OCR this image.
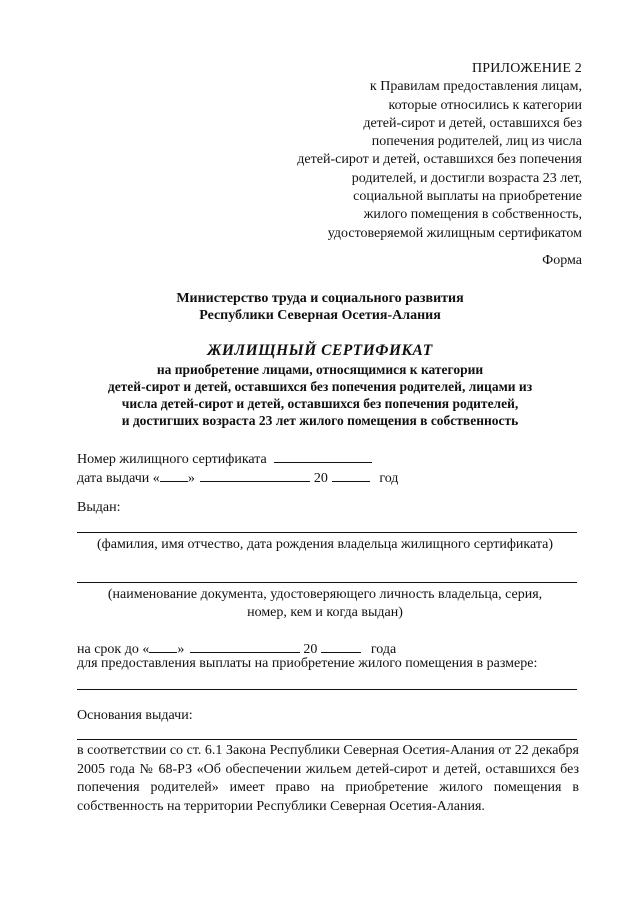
ПРИЛОЖЕНИЕ 2
к Правилам предоставления лицам,
которые относились к категории
детей-сирот и детей, оставшихся без
попечения родителей, лиц из числа
детей-сирот и детей, оставшихся без попечения
родителей, и достигли возраста 23 лет,
социальной выплаты на приобретение
жилого помещения в собственность,
удостоверяемой жилищным сертификатом
Форма
Министерство труда и социального развития
Республики Северная Осетия-Алания
ЖИЛИЩНЫЙ СЕРТИФИКАТ
на приобретение лицами, относящимися к категории
детей-сирот и детей, оставшихся без попечения родителей, лицами из
числа детей-сирот и детей, оставшихся без попечения родителей,
и достигших возраста 23 лет жилого помещения в собственность
Номер жилищного сертификата
дата выдачи « »	20	год
Выдан:
(фамилия, имя отчество, дата рождения владельца жилищного сертификата)
(наименование документа, удостоверяющего личность владельца, серия,
номер, кем и когда выдан)
на срок до « »	20	года
для предоставления выплаты на приобретение жилого помещения в размере:
Основания выдачи:
в соответствии со ст. 6.1 Закона Республики Северная Осетия-Алания от 22 декабря 2005 года № 68-РЗ «Об обеспечении жильем детей-сирот и детей, оставшихся без попечения родителей» имеет право на приобретение жилого помещения в собственность на территории Республики Северная Осетия-Алания.
